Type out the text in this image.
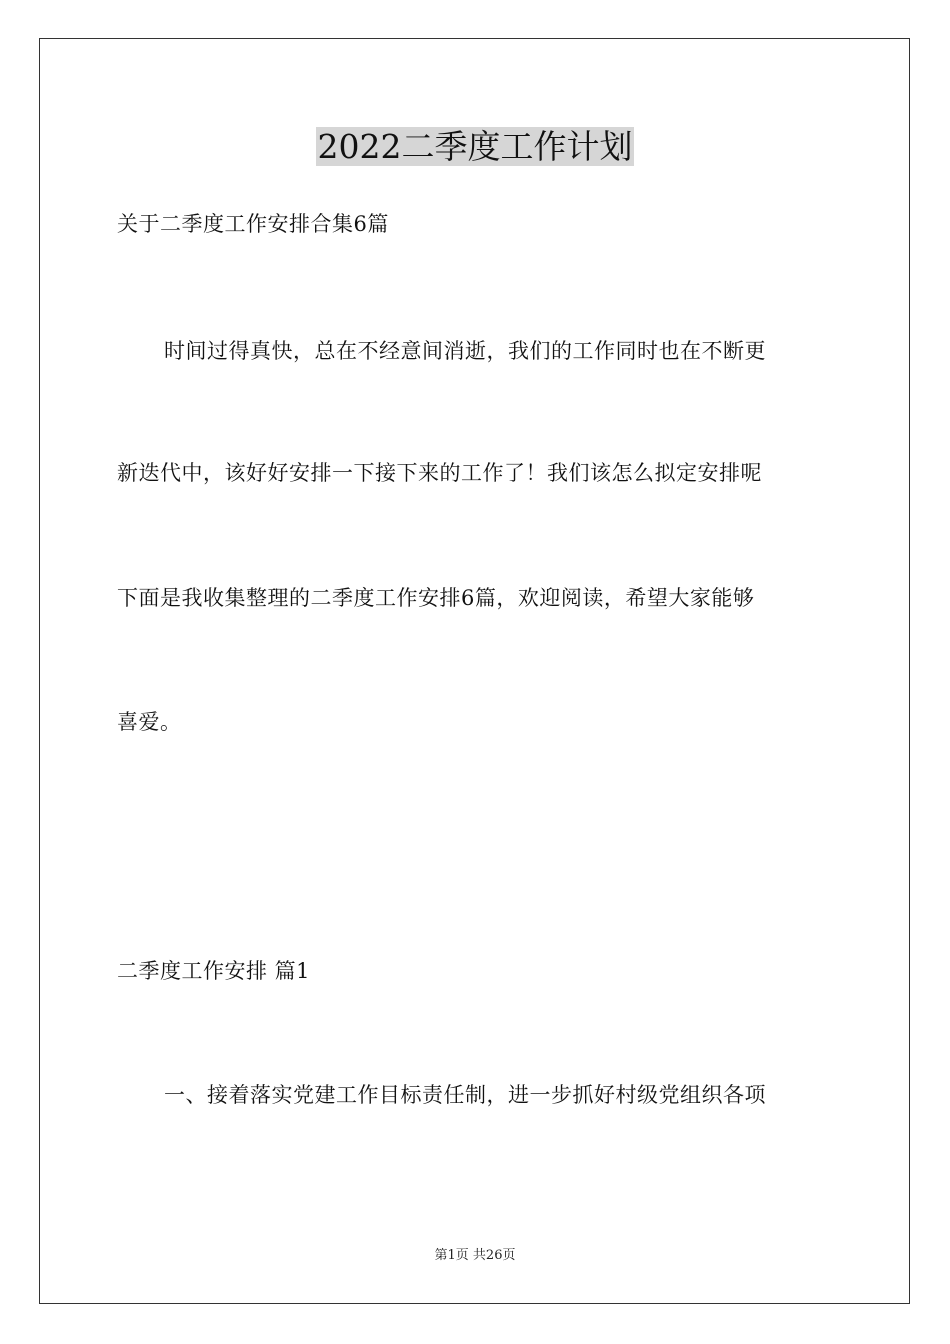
2022二季度工作计划
关于二季度工作安排合集6篇
时间过得真快，总在不经意间消逝，我们的工作同时也在不断更
新迭代中，该好好安排一下接下来的工作了！我们该怎么拟定安排呢
下面是我收集整理的二季度工作安排6篇，欢迎阅读，希望大家能够
喜爱。
二季度工作安排 篇1
一、接着落实党建工作目标责任制，进一步抓好村级党组织各项
第1页 共26页
